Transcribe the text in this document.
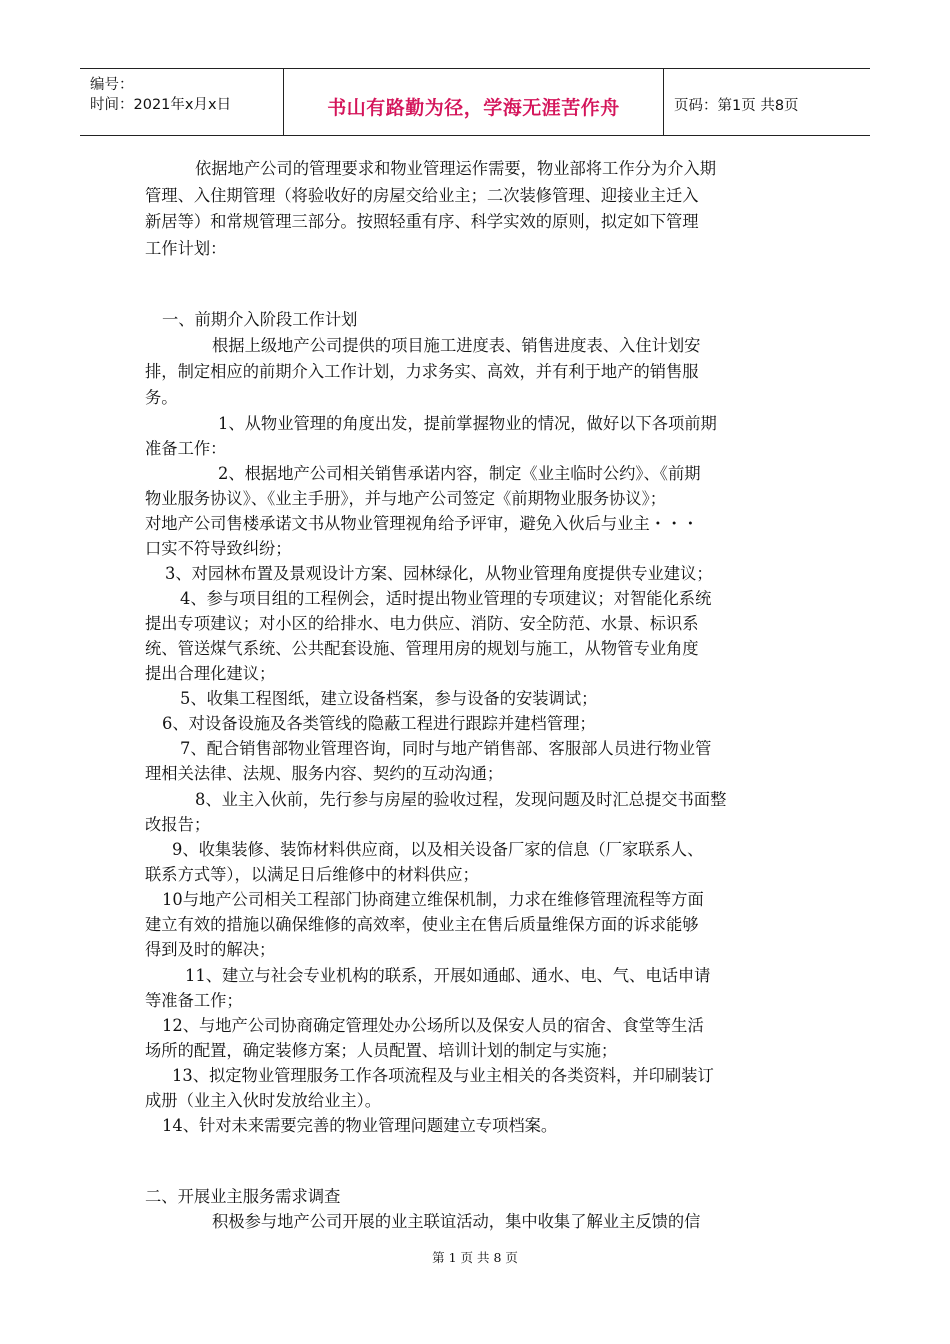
编号：
时间：2021年x月x日	书山有路勤为径，学海无涯苦作舟	页码：第1页 共8页
依据地产公司的管理要求和物业管理运作需要，物业部将工作分为介入期
管理、入住期管理（将验收好的房屋交给业主；二次装修管理、迎接业主迁入
新居等）和常规管理三部分。按照轻重有序、科学实效的原则，拟定如下管理
工作计划：
一、前期介入阶段工作计划
根据上级地产公司提供的项目施工进度表、销售进度表、入住计划安
排，制定相应的前期介入工作计划，力求务实、高效，并有利于地产的销售服
务。
1、从物业管理的角度出发，提前掌握物业的情况，做好以下各项前期
准备工作：
2、根据地产公司相关销售承诺内容，制定《业主临时公约》、《前期
物业服务协议》、《业主手册》，并与地产公司签定《前期物业服务协议》；
对地产公司售楼承诺文书从物业管理视角给予评审，避免入伙后与业主・・・
口实不符导致纠纷；
3、对园林布置及景观设计方案、园林绿化，从物业管理角度提供专业建议；
4、参与项目组的工程例会，适时提出物业管理的专项建议；对智能化系统
提出专项建议；对小区的给排水、电力供应、消防、安全防范、水景、标识系
统、管送煤气系统、公共配套设施、管理用房的规划与施工，从物管专业角度
提出合理化建议；
5、收集工程图纸，建立设备档案，参与设备的安装调试；
6、对设备设施及各类管线的隐蔽工程进行跟踪并建档管理；
7、配合销售部物业管理咨询，同时与地产销售部、客服部人员进行物业管
理相关法律、法规、服务内容、契约的互动沟通；
8、业主入伙前，先行参与房屋的验收过程，发现问题及时汇总提交书面整
改报告；
9、收集装修、装饰材料供应商，以及相关设备厂家的信息（厂家联系人、
联系方式等），以满足日后维修中的材料供应；
10与地产公司相关工程部门协商建立维保机制，力求在维修管理流程等方面
建立有效的措施以确保维修的高效率，使业主在售后质量维保方面的诉求能够
得到及时的解决；
11、建立与社会专业机构的联系，开展如通邮、通水、电、气、电话申请
等准备工作；
12、与地产公司协商确定管理处办公场所以及保安人员的宿舍、食堂等生活
场所的配置，确定装修方案；人员配置、培训计划的制定与实施；
13、拟定物业管理服务工作各项流程及与业主相关的各类资料，并印刷装订
成册（业主入伙时发放给业主）。
14、针对未来需要完善的物业管理问题建立专项档案。
二、开展业主服务需求调查
积极参与地产公司开展的业主联谊活动，集中收集了解业主反馈的信
第 1 页 共 8 页
